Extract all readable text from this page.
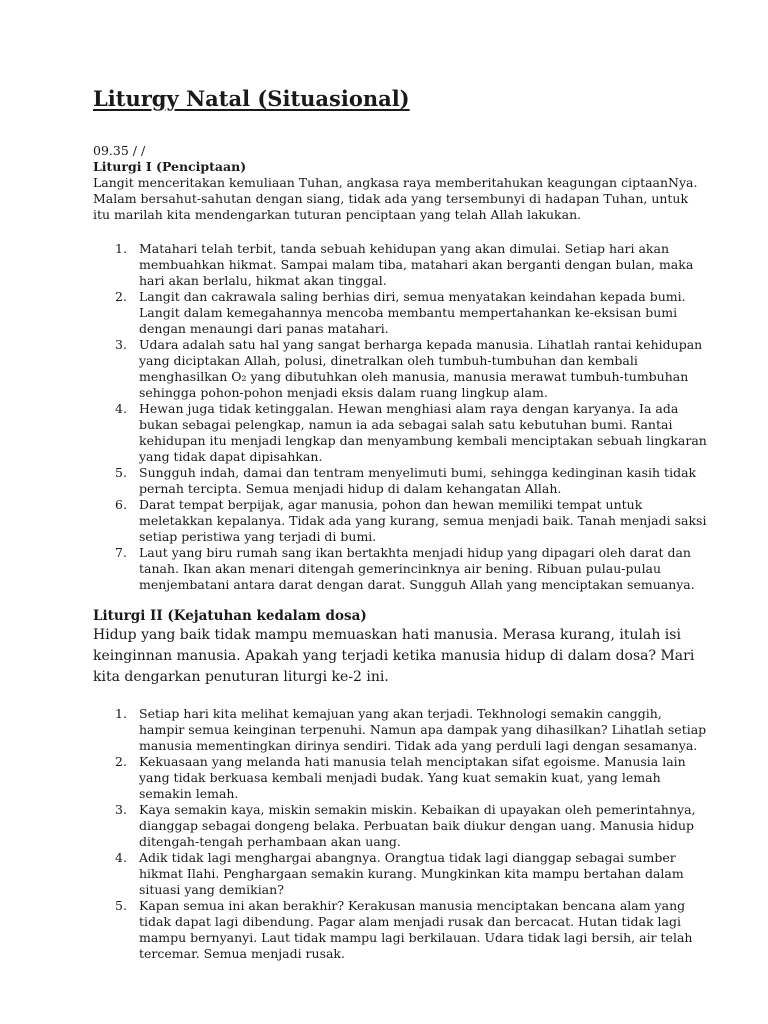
Liturgy Natal (Situasional)

09.35 / /

Liturgi I (Penciptaan)

Langit menceritakan kemuliaan Tuhan, angkasa raya memberitahukan keagungan ciptaanNya. Malam bersahut-sahutan dengan siang, tidak ada yang tersembunyi di hadapan Tuhan, untuk itu marilah kita mendengarkan tuturan penciptaan yang telah Allah lakukan.

1. Matahari telah terbit, tanda sebuah kehidupan yang akan dimulai. Setiap hari akan membuahkan hikmat. Sampai malam tiba, matahari akan berganti dengan bulan, maka hari akan berlalu, hikmat akan tinggal.
2. Langit dan cakrawala saling berhias diri, semua menyatakan keindahan kepada bumi. Langit dalam kemegahannya mencoba membantu mempertahankan ke-eksisan bumi dengan menaungi dari panas matahari.
3. Udara adalah satu hal yang sangat berharga kepada manusia. Lihatlah rantai kehidupan yang diciptakan Allah, polusi, dinetralkan oleh tumbuh-tumbuhan dan kembali menghasilkan O₂ yang dibutuhkan oleh manusia, manusia merawat tumbuh-tumbuhan sehingga pohon-pohon menjadi eksis dalam ruang lingkup alam.
4. Hewan juga tidak ketinggalan. Hewan menghiasi alam raya dengan karyanya. Ia ada bukan sebagai pelengkap, namun ia ada sebagai salah satu kebutuhan bumi. Rantai kehidupan itu menjadi lengkap dan menyambung kembali menciptakan sebuah lingkaran yang tidak dapat dipisahkan.
5. Sungguh indah, damai dan tentram menyelimuti bumi, sehingga kedinginan kasih tidak pernah tercipta. Semua menjadi hidup di dalam kehangatan Allah.
6. Darat tempat berpijak, agar manusia, pohon dan hewan memiliki tempat untuk meletakkan kepalanya. Tidak ada yang kurang, semua menjadi baik. Tanah menjadi saksi setiap peristiwa yang terjadi di bumi.
7. Laut yang biru rumah sang ikan bertakhta menjadi hidup yang dipagari oleh darat dan tanah. Ikan akan menari ditengah gemerincinknya air bening. Ribuan pulau-pulau menjembatani antara darat dengan darat. Sungguh Allah yang menciptakan semuanya.

Liturgi II (Kejatuhan kedalam dosa)

Hidup yang baik tidak mampu memuaskan hati manusia. Merasa kurang, itulah isi keinginnan manusia. Apakah yang terjadi ketika manusia hidup di dalam dosa? Mari kita dengarkan penuturan liturgi ke-2 ini.

1. Setiap hari kita melihat kemajuan yang akan terjadi. Tekhnologi semakin canggih, hampir semua keinginan terpenuhi. Namun apa dampak yang dihasilkan? Lihatlah setiap manusia mementingkan dirinya sendiri. Tidak ada yang perduli lagi dengan sesamanya.
2. Kekuasaan yang melanda hati manusia telah menciptakan sifat egoisme. Manusia lain yang tidak berkuasa kembali menjadi budak. Yang kuat semakin kuat, yang lemah semakin lemah.
3. Kaya semakin kaya, miskin semakin miskin. Kebaikan di upayakan oleh pemerintahnya, dianggap sebagai dongeng belaka. Perbuatan baik diukur dengan uang. Manusia hidup ditengah-tengah perhambaan akan uang.
4. Adik tidak lagi menghargai abangnya. Orangtua tidak lagi dianggap sebagai sumber hikmat Ilahi. Penghargaan semakin kurang. Mungkinkan kita mampu bertahan dalam situasi yang demikian?
5. Kapan semua ini akan berakhir? Kerakusan manusia menciptakan bencana alam yang tidak dapat lagi dibendung. Pagar alam menjadi rusak dan bercacat. Hutan tidak lagi mampu bernyanyi. Laut tidak mampu lagi berkilauan. Udara tidak lagi bersih, air telah tercemar. Semua menjadi rusak.
